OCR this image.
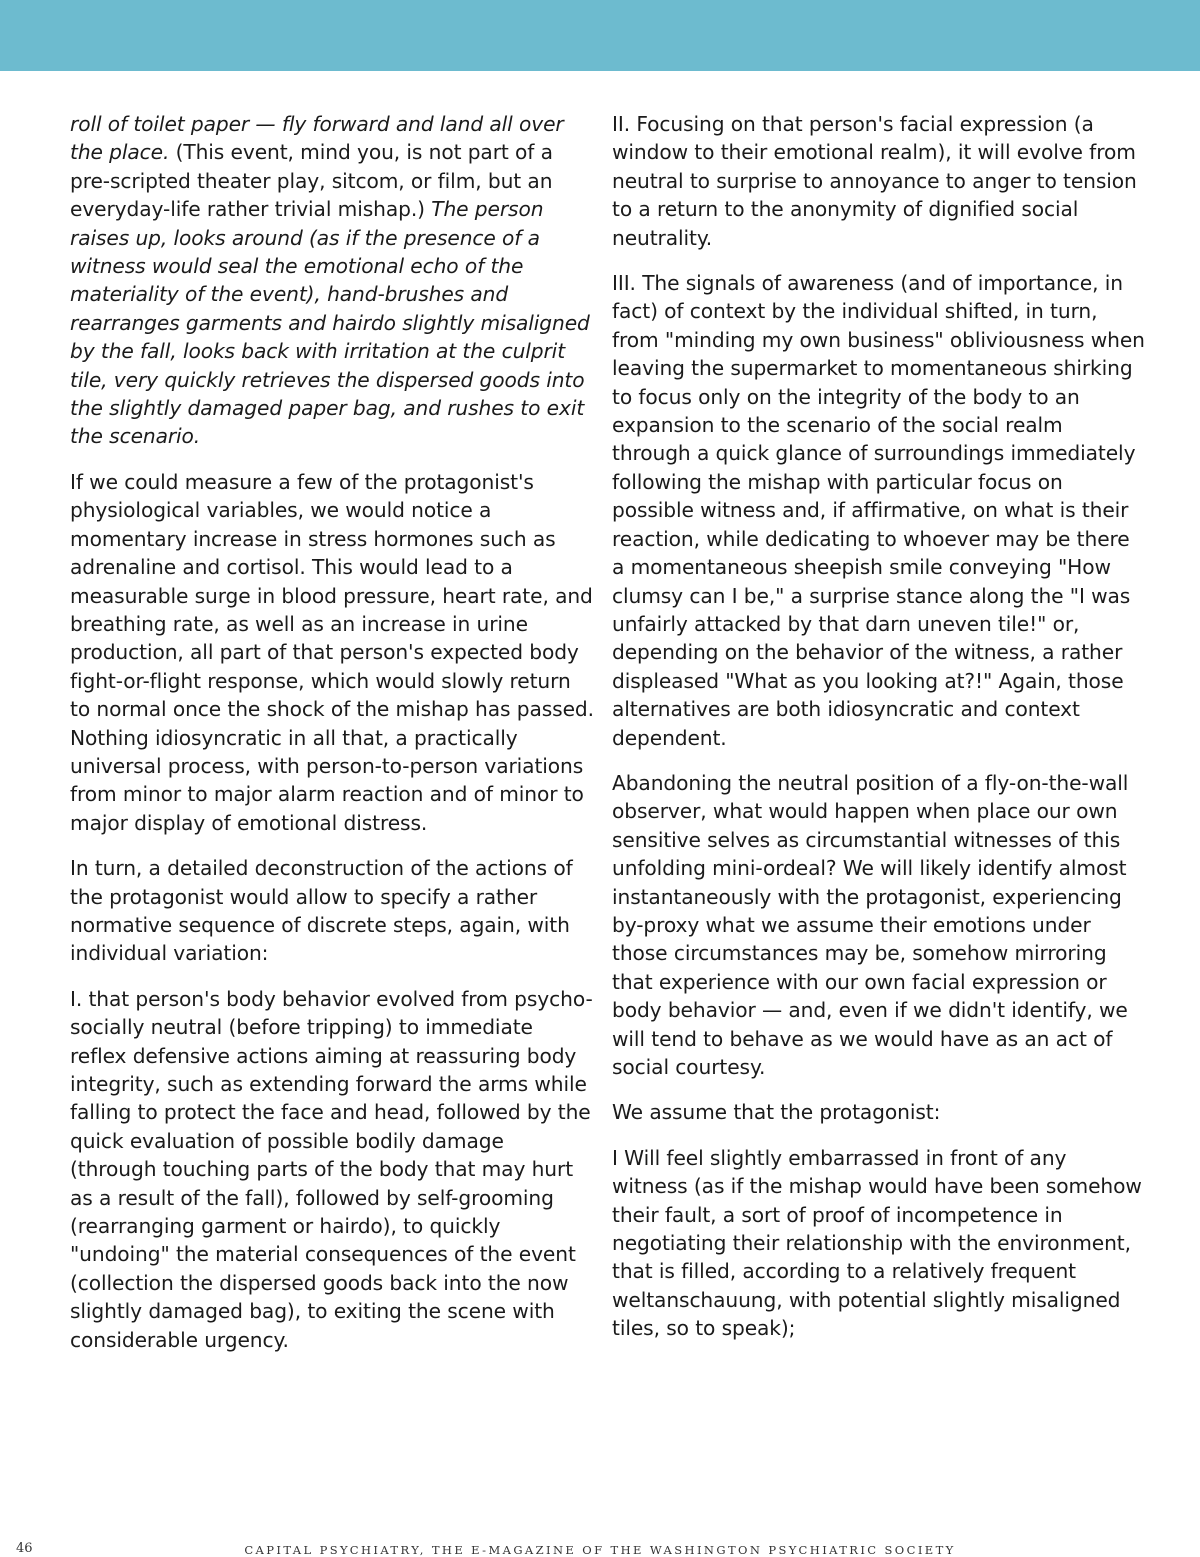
roll of toilet paper — fly forward and land all over the place. (This event, mind you, is not part of a pre-scripted theater play, sitcom, or film, but an everyday-life rather trivial mishap.) The person raises up, looks around (as if the presence of a witness would seal the emotional echo of the materiality of the event), hand-brushes and rearranges garments and hairdo slightly misaligned by the fall, looks back with irritation at the culprit tile, very quickly retrieves the dispersed goods into the slightly damaged paper bag, and rushes to exit the scenario.

If we could measure a few of the protagonist's physiological variables, we would notice a momentary increase in stress hormones such as adrenaline and cortisol. This would lead to a measurable surge in blood pressure, heart rate, and breathing rate, as well as an increase in urine production, all part of that person's expected body fight-or-flight response, which would slowly return to normal once the shock of the mishap has passed. Nothing idiosyncratic in all that, a practically universal process, with person-to-person variations from minor to major alarm reaction and of minor to major display of emotional distress.

In turn, a detailed deconstruction of the actions of the protagonist would allow to specify a rather normative sequence of discrete steps, again, with individual variation:

I. that person's body behavior evolved from psycho-socially neutral (before tripping) to immediate reflex defensive actions aiming at reassuring body integrity, such as extending forward the arms while falling to protect the face and head, followed by the quick evaluation of possible bodily damage (through touching parts of the body that may hurt as a result of the fall), followed by self-grooming (rearranging garment or hairdo), to quickly "undoing" the material consequences of the event (collection the dispersed goods back into the now slightly damaged bag), to exiting the scene with considerable urgency.

II. Focusing on that person's facial expression (a window to their emotional realm), it will evolve from neutral to surprise to annoyance to anger to tension to a return to the anonymity of dignified social neutrality.

III. The signals of awareness (and of importance, in fact) of context by the individual shifted, in turn, from "minding my own business" obliviousness when leaving the supermarket to momentaneous shirking to focus only on the integrity of the body to an expansion to the scenario of the social realm through a quick glance of surroundings immediately following the mishap with particular focus on possible witness and, if affirmative, on what is their reaction, while dedicating to whoever may be there a momentaneous sheepish smile conveying "How clumsy can I be," a surprise stance along the "I was unfairly attacked by that darn uneven tile!" or, depending on the behavior of the witness, a rather displeased "What as you looking at?!" Again, those alternatives are both idiosyncratic and context dependent.

Abandoning the neutral position of a fly-on-the-wall observer, what would happen when place our own sensitive selves as circumstantial witnesses of this unfolding mini-ordeal? We will likely identify almost instantaneously with the protagonist, experiencing by-proxy what we assume their emotions under those circumstances may be, somehow mirroring that experience with our own facial expression or body behavior — and, even if we didn't identify, we will tend to behave as we would have as an act of social courtesy.

We assume that the protagonist:

I Will feel slightly embarrassed in front of any witness (as if the mishap would have been somehow their fault, a sort of proof of incompetence in negotiating their relationship with the environment, that is filled, according to a relatively frequent weltanschauung, with potential slightly misaligned tiles, so to speak);

46	CAPITAL PSYCHIATRY, THE E-MAGAZINE OF THE WASHINGTON PSYCHIATRIC SOCIETY
